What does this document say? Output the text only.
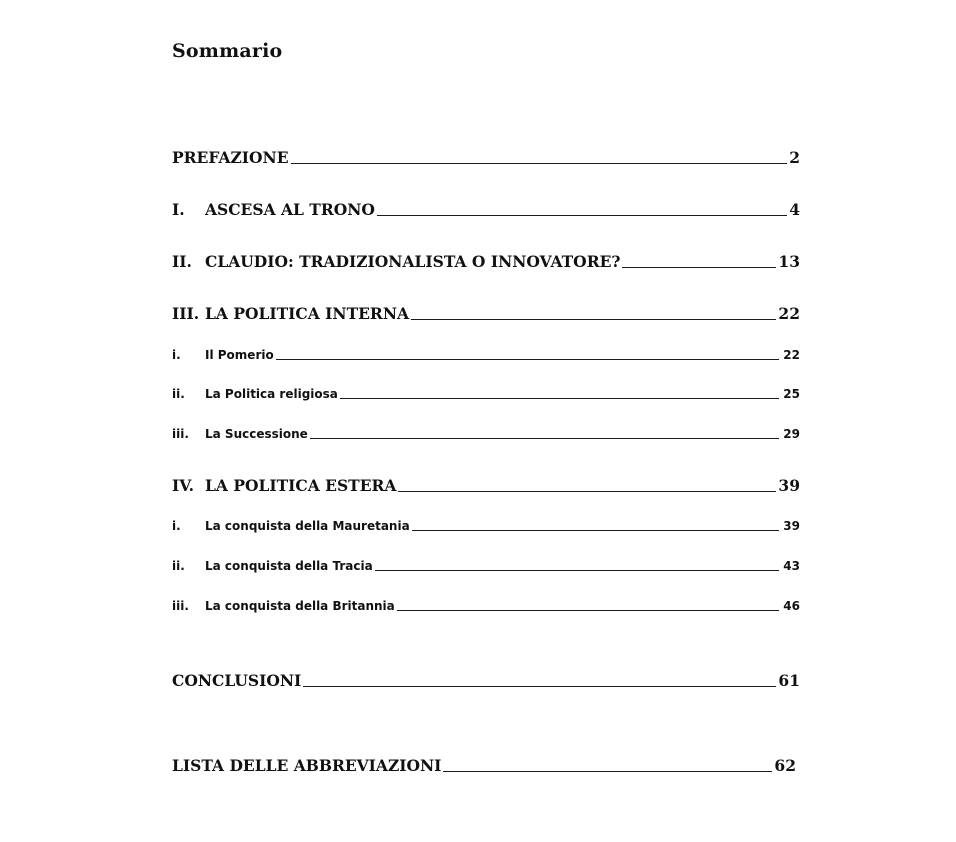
Sommario
PREFAZIONE	2
I.	ASCESA AL TRONO	4
II. CLAUDIO: TRADIZIONALISTA O INNOVATORE?	13
III. LA POLITICA INTERNA	22
i.	Il Pomerio	22
ii.	La Politica religiosa	25
iii.	La Successione	29
IV. LA POLITICA ESTERA	39
i.	La conquista della Mauretania	39
ii.	La conquista della Tracia	43
iii.	La conquista della Britannia	46
CONCLUSIONI	61
LISTA DELLE ABBREVIAZIONI	62
